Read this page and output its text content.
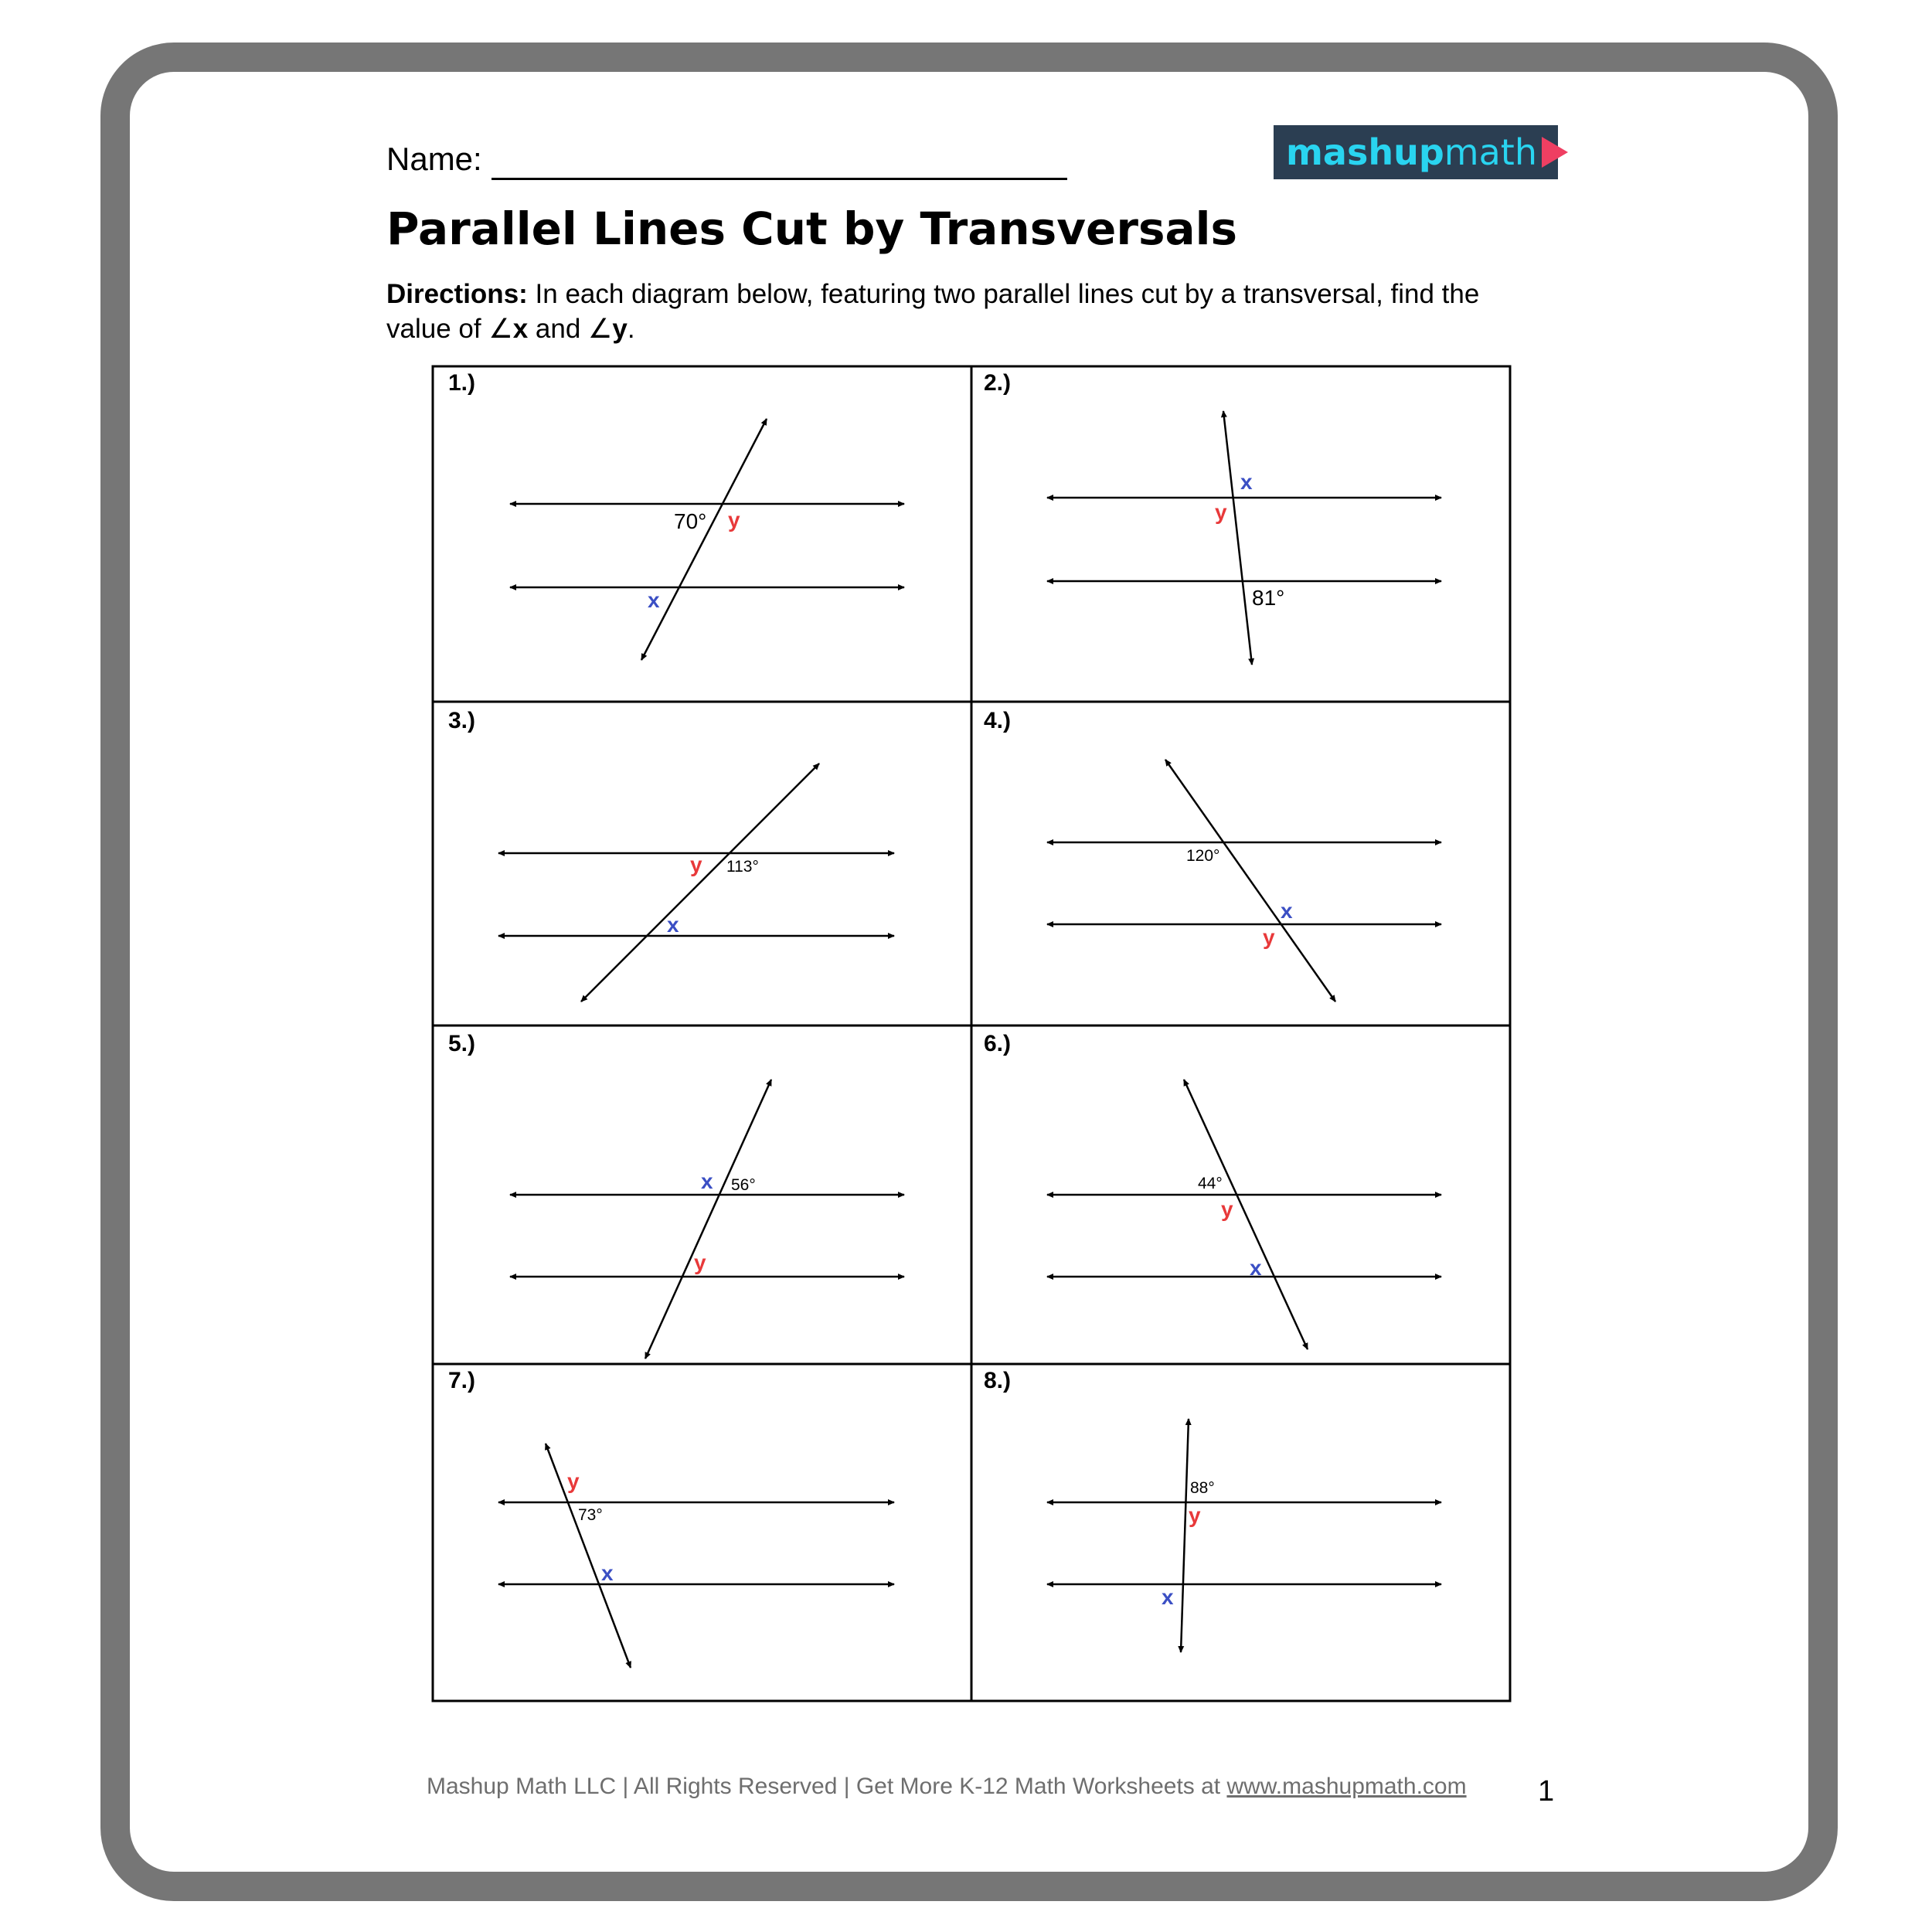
Name:	mashupmath
Parallel Lines Cut by Transversals
Directions: In each diagram below, featuring two parallel lines cut by a transversal, find the value of ∠x and ∠y.
1.)
70° y
x
2.)
x
y
81°
3.)
y 113°
x
4.)
120°
x
y
5.)
x 56°
y
6.)
44°
y
x
7.)
y
73°
x
8.)
88°
y
x
Mashup Math LLC | All Rights Reserved | Get More K-12 Math Worksheets at www.mashupmath.com 1
